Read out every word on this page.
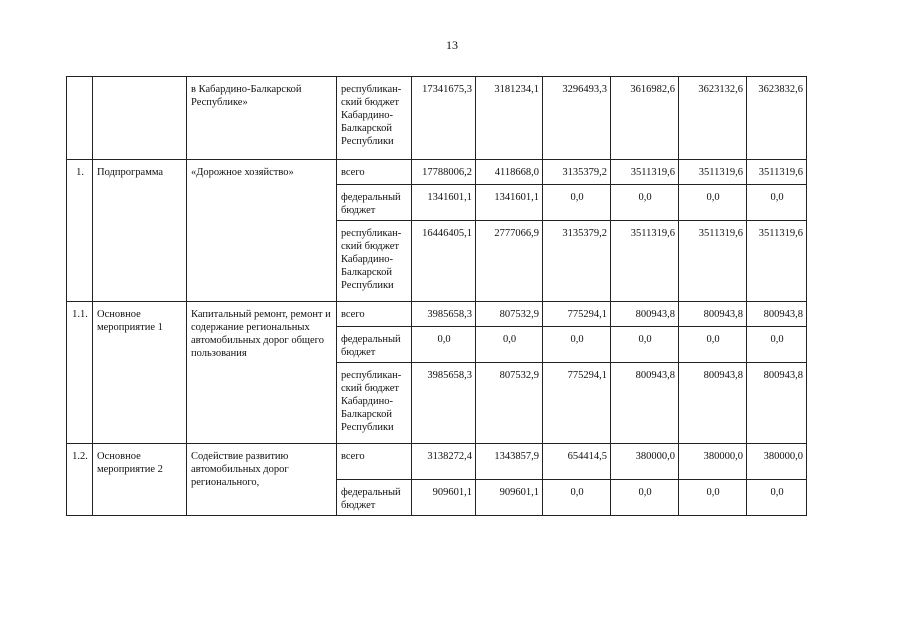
13
		в Кабардино-Балкарской Республике»	республикан-ский бюджет Кабардино-Балкарской Республики	17341675,3	3181234,1	3296493,3	3616982,6	3623132,6	3623832,6
1.	Подпрограмма	«Дорожное хозяйство»	всего	17788006,2	4118668,0	3135379,2	3511319,6	3511319,6	3511319,6
			федеральный бюджет	1341601,1	1341601,1	0,0	0,0	0,0	0,0
			республикан-ский бюджет Кабардино-Балкарской Республики	16446405,1	2777066,9	3135379,2	3511319,6	3511319,6	3511319,6
1.1.	Основное мероприятие 1	Капитальный ремонт, ремонт и содержание региональных автомобильных дорог общего пользования	всего	3985658,3	807532,9	775294,1	800943,8	800943,8	800943,8
			федеральный бюджет	0,0	0,0	0,0	0,0	0,0	0,0
			республикан-ский бюджет Кабардино-Балкарской Республики	3985658,3	807532,9	775294,1	800943,8	800943,8	800943,8
1.2.	Основное мероприятие 2	Содействие развитию автомобильных дорог регионального,	всего	3138272,4	1343857,9	654414,5	380000,0	380000,0	380000,0
			федеральный бюджет	909601,1	909601,1	0,0	0,0	0,0	0,0
